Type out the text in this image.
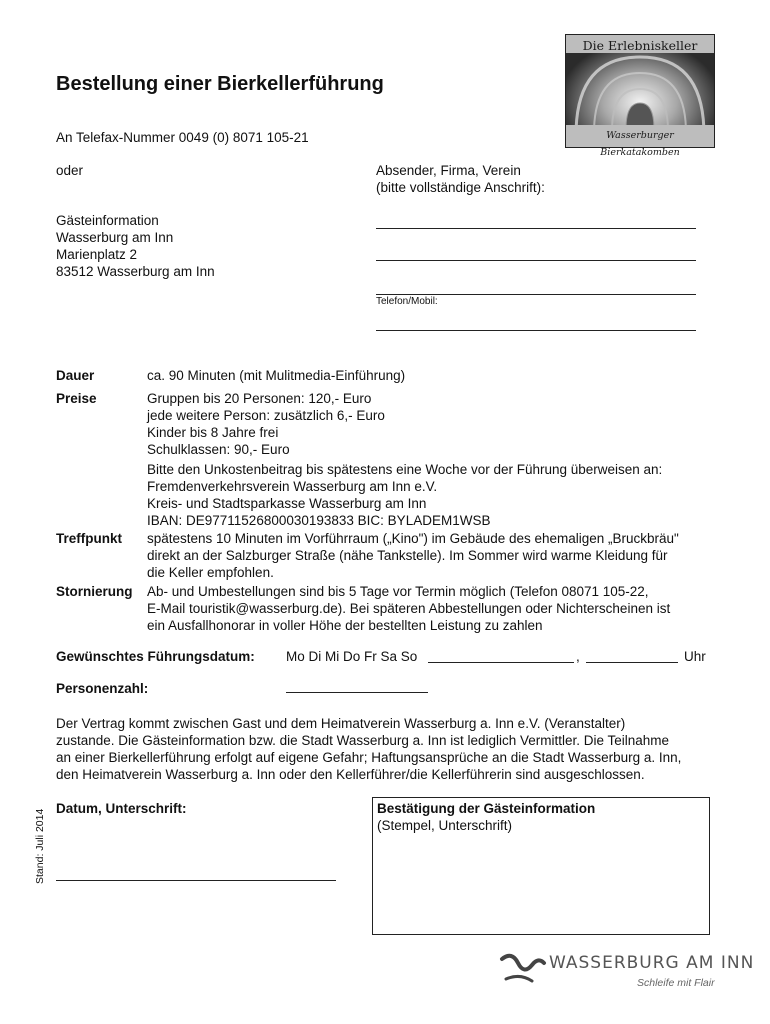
Bestellung einer Bierkellerführung
Die Erlebniskeller
Wasserburger Bierkatakomben
An Telefax-Nummer 0049 (0) 8071 105-21
oder	Absender, Firma, Verein
(bitte vollständige Anschrift):
Gästeinformation
Wasserburg am Inn
Marienplatz 2
83512 Wasserburg am Inn
Telefon/Mobil:
Dauer	ca. 90 Minuten (mit Mulitmedia-Einführung)
Preise	Gruppen bis 20 Personen: 120,- Euro
jede weitere Person: zusätzlich 6,- Euro
Kinder bis 8 Jahre frei
Schulklassen: 90,- Euro
Bitte den Unkostenbeitrag bis spätestens eine Woche vor der Führung überweisen an:
Fremdenverkehrsverein Wasserburg am Inn e.V.
Kreis- und Stadtsparkasse Wasserburg am Inn
IBAN: DE97711526800030193833 BIC: BYLADEM1WSB
Treffpunkt spätestens 10 Minuten im Vorführraum („Kino") im Gebäude des ehemaligen „Bruckbräu"
direkt an der Salzburger Straße (nähe Tankstelle). Im Sommer wird warme Kleidung für
die Keller empfohlen.
Stornierung Ab- und Umbestellungen sind bis 5 Tage vor Termin möglich (Telefon 08071 105-22,
E-Mail touristik@wasserburg.de). Bei späteren Abbestellungen oder Nichterscheinen ist
ein Ausfallhonorar in voller Höhe der bestellten Leistung zu zahlen
Gewünschtes Führungsdatum: Mo Di Mi Do Fr Sa So	,	Uhr
Personenzahl:
Der Vertrag kommt zwischen Gast und dem Heimatverein Wasserburg a. Inn e.V. (Veranstalter)
zustande. Die Gästeinformation bzw. die Stadt Wasserburg a. Inn ist lediglich Vermittler. Die Teilnahme
an einer Bierkellerführung erfolgt auf eigene Gefahr; Haftungsansprüche an die Stadt Wasserburg a. Inn,
den Heimatverein Wasserburg a. Inn oder den Kellerführer/die Kellerführerin sind ausgeschlossen.
Datum, Unterschrift:	Bestätigung der Gästeinformation
(Stempel, Unterschrift)
Stand: Juli 2014
WASSERBURG AM INN
Schleife mit Flair
